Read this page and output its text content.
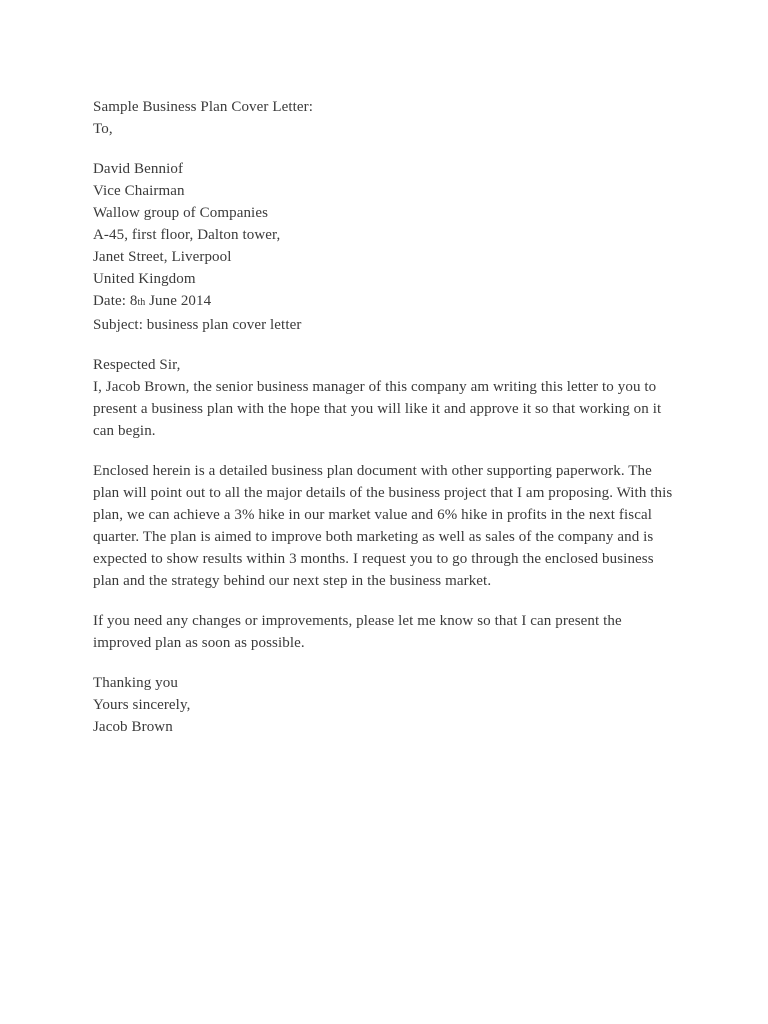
Sample Business Plan Cover Letter:

To,

David Benniof

Vice Chairman

Wallow group of Companies

A-45, first floor, Dalton tower,

Janet Street, Liverpool

United Kingdom

Date: 8th June 2014

Subject: business plan cover letter

Respected Sir,

I, Jacob Brown, the senior business manager of this company am writing this letter to you to present a business plan with the hope that you will like it and approve it so that working on it can begin.

Enclosed herein is a detailed business plan document with other supporting paperwork. The plan will point out to all the major details of the business project that I am proposing. With this plan, we can achieve a 3% hike in our market value and 6% hike in profits in the next fiscal quarter. The plan is aimed to improve both marketing as well as sales of the company and is expected to show results within 3 months. I request you to go through the enclosed business plan and the strategy behind our next step in the business market.

If you need any changes or improvements, please let me know so that I can present the improved plan as soon as possible.

Thanking you

Yours sincerely,

Jacob Brown
